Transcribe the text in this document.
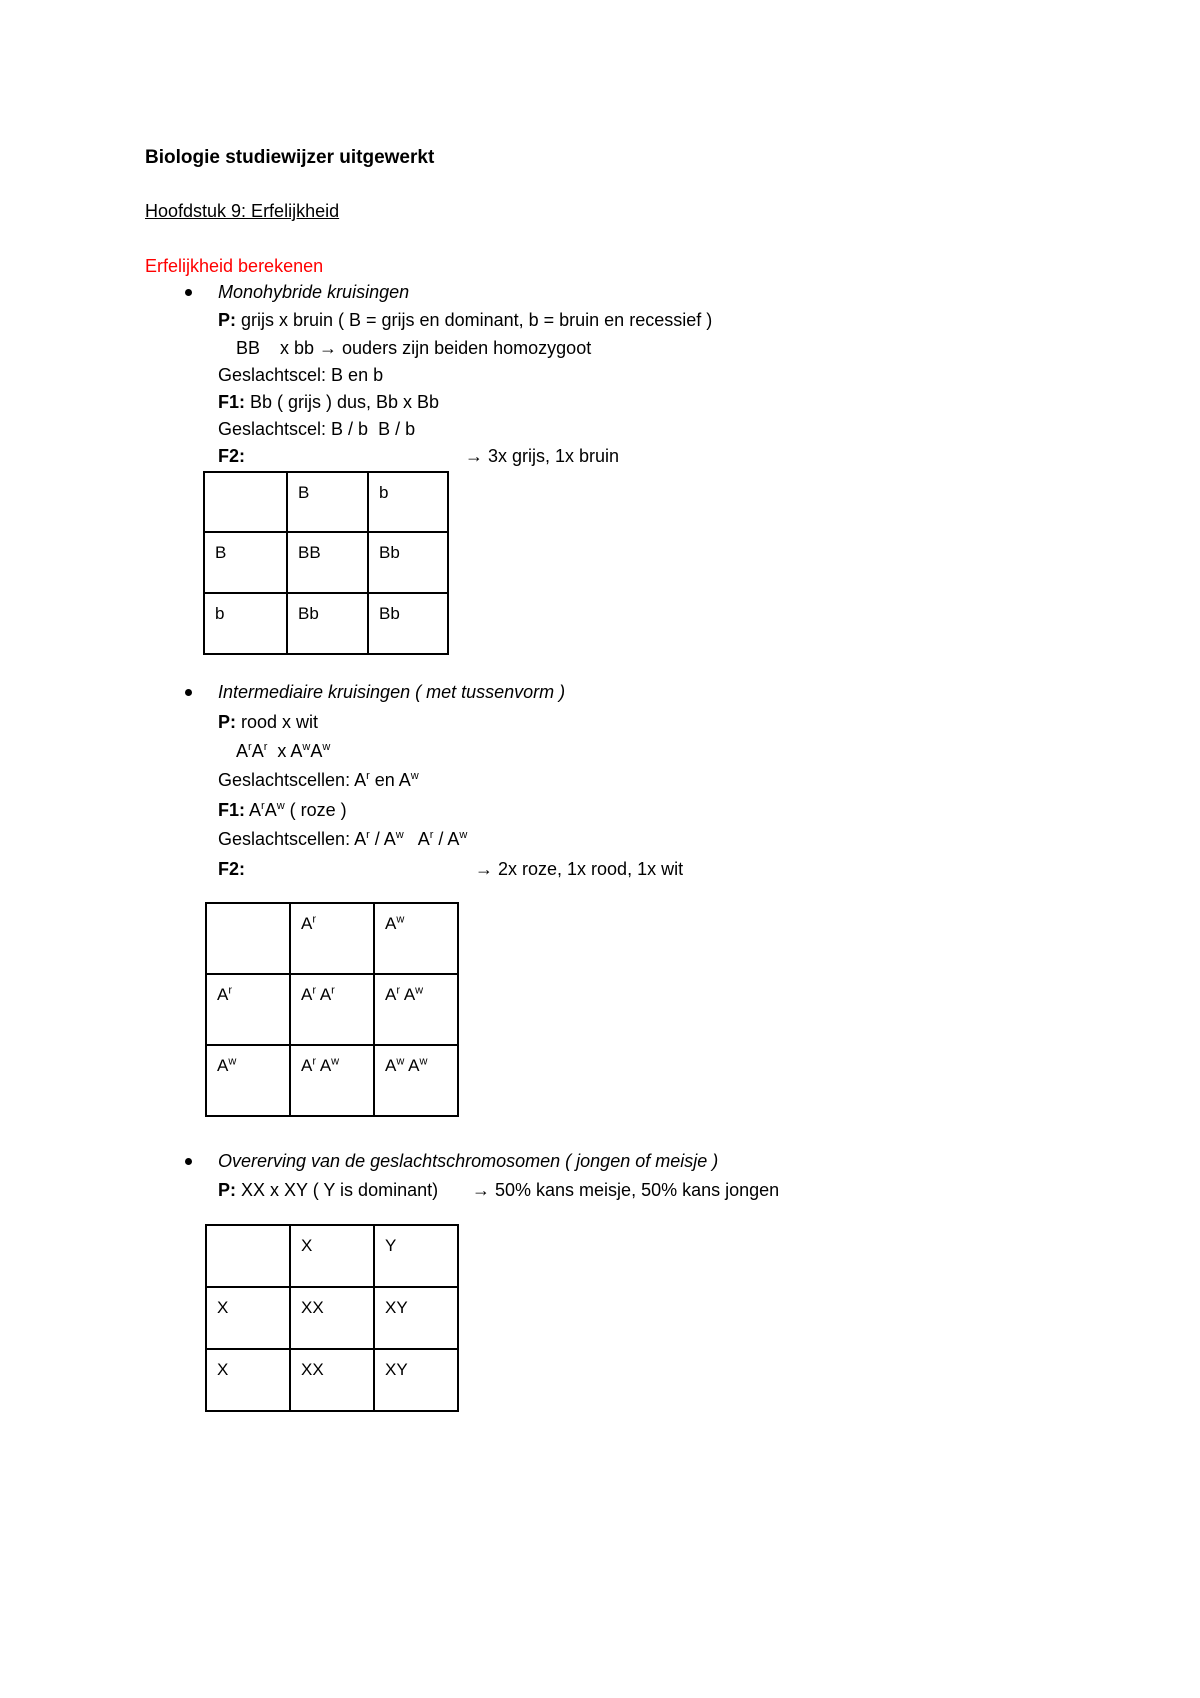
Biologie studiewijzer uitgewerkt
Hoofdstuk 9: Erfelijkheid
Erfelijkheid berekenen
Monohybride kruisingen
P: grijs x bruin ( B = grijs en dominant, b = bruin en recessief )
BB    x bb → ouders zijn beiden homozygoot
Geslachtscel: B en b
F1: Bb ( grijs ) dus, Bb x Bb
Geslachtscel: B / b  B / b
F2:	→ 3x grijs, 1x bruin
	B	b
B	BB	Bb
b	Bb	Bb
Intermediaire kruisingen ( met tussenvorm )
P: rood x wit
$A^rA^r$  x $A^wA^w$
Geslachtscellen: $A^r$ en $A^w$
F1: $A^rA^w$ ( roze )
Geslachtscellen: $A^r / A^w$   $A^r / A^w$
F2:	→ 2x roze, 1x rood, 1x wit
	$A^r$	$A^w$
$A^r$	$A^r$ $A^r$	$A^r$ $A^w$
$A^w$	$A^r$ $A^w$	$A^w$ $A^w$
Overerving van de geslachtschromosomen ( jongen of meisje )
P: XX x XY ( Y is dominant) → 50% kans meisje, 50% kans jongen
	X	Y
X	XX	XY
X	XX	XY
